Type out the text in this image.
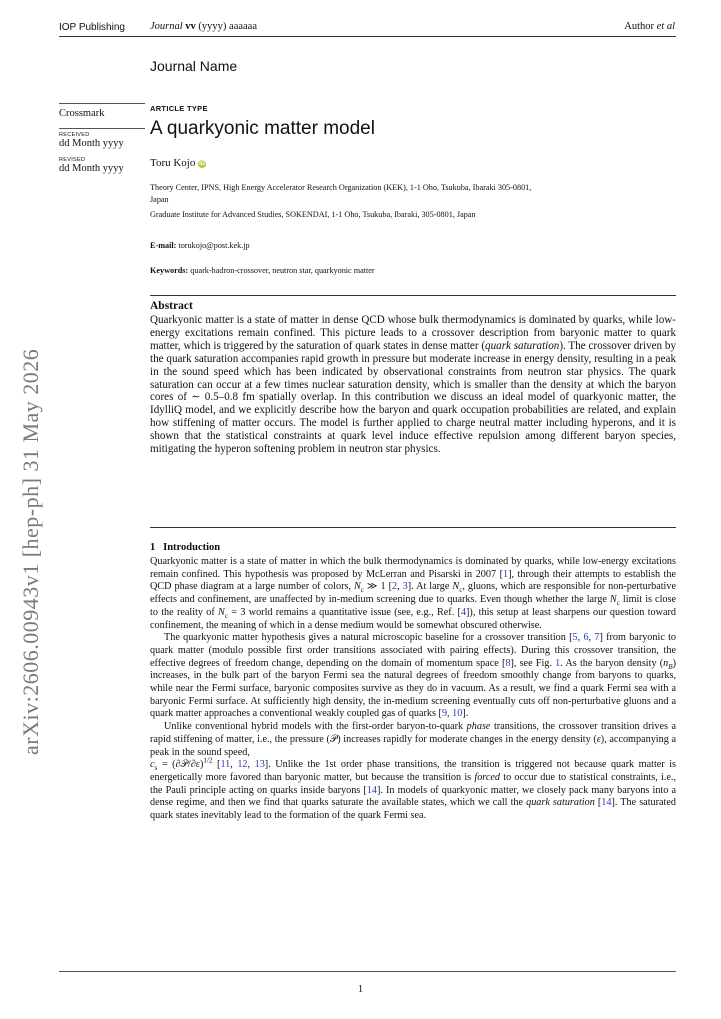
IOP Publishing Journal vv (yyyy) aaaaaa	Author et al
Journal Name
Crossmark
RECEIVED
dd Month yyyy
REVISED
dd Month yyyy
arXiv:2606.00943v1 [hep-ph] 31 May 2026
ARTICLE TYPE
A quarkyonic matter model
Toru Kojo iD
Theory Center, IPNS, High Energy Accelerator Research Organization (KEK), 1-1 Oho, Tsukuba, Ibaraki 305-0801,
Japan
Graduate Institute for Advanced Studies, SOKENDAI, 1-1 Oho, Tsukuba, Ibaraki, 305-0801, Japan
E-mail: torukojo@post.kek.jp
Keywords: quark-hadron-crossover, neutron star, quarkyonic matter
Abstract
Quarkyonic matter is a state of matter in dense QCD whose bulk thermodynamics is dominated by quarks, while low-energy excitations remain confined. This picture leads to a crossover description from baryonic matter to quark matter, which is triggered by the saturation of quark states in dense matter (quark saturation). The crossover driven by the quark saturation accompanies rapid growth in pressure but moderate increase in energy density, resulting in a peak in the sound speed which has been indicated by observational constraints from neutron star physics. The quark saturation can occur at a few times nuclear saturation density, which is smaller than the density at which the baryon cores of ∼ 0.5–0.8 fm spatially overlap. In this contribution we discuss an ideal model of quarkyonic matter, the IdylliQ model, and we explicitly describe how the baryon and quark occupation probabilities are related, and explain how stiffening of matter occurs. The model is further applied to charge neutral matter including hyperons, and it is shown that the statistical constraints at quark level induce effective repulsion among different baryon species, mitigating the hyperon softening problem in neutron star physics.
1 Introduction

Quarkyonic matter is a state of matter in which the bulk thermodynamics is dominated by quarks, while low-energy excitations remain confined. This hypothesis was proposed by McLerran and Pisarski in 2007 [1], through their attempts to establish the QCD phase diagram at a large number of colors, $N_c$ ≫ 1 [2, 3]. At large $N_c$, gluons, which are responsible for non-perturbative effects and confinement, are unaffected by in-medium screening due to quarks. Even though whether the large $N_c$ limit is close to the reality of $N_c = 3$ world remains a quantitative issue (see, e.g., Ref. [4]), this setup at least sharpens our question toward confinement, the meaning of which in a dense medium would be somewhat obscured otherwise.

The quarkyonic matter hypothesis gives a natural microscopic baseline for a crossover transition [5, 6, 7] from baryonic to quark matter (modulo possible first order transitions associated with pairing effects). During this crossover transition, the effective degrees of freedom change, depending on the domain of momentum space [8], see Fig. 1. As the baryon density $(n_B)$ increases, in the bulk part of the baryon Fermi sea the natural degrees of freedom smoothly change from baryons to quarks, while near the Fermi surface, baryonic composites survive as they do in vacuum. As a result, we find a quark Fermi sea with a baryonic Fermi surface. At sufficiently high density, the in-medium screening eventually cuts off non-perturbative gluons and a quark matter approaches a conventional weakly coupled gas of quarks [9, 10].

Unlike conventional hybrid models with the first-order baryon-to-quark phase transitions, the crossover transition drives a rapid stiffening of matter, i.e., the pressure (𝒫) increases rapidly for moderate changes in the energy density (ε), accompanying a peak in the sound speed,
$c_s$ = (∂𝒫/∂ε)$^{1/2}$ [11, 12, 13]. Unlike the 1st order phase transitions, the transition is triggered not because quark matter is energetically more favored than baryonic matter, but because the transition is forced to occur due to statistical constraints, i.e., the Pauli principle acting on quarks inside baryons [14]. In models of quarkyonic matter, we closely pack many baryons into a dense regime, and then we find that quarks saturate the available states, which we call the quark saturation [14]. The saturated quark states inevitably lead to the formation of the quark Fermi sea.

1
